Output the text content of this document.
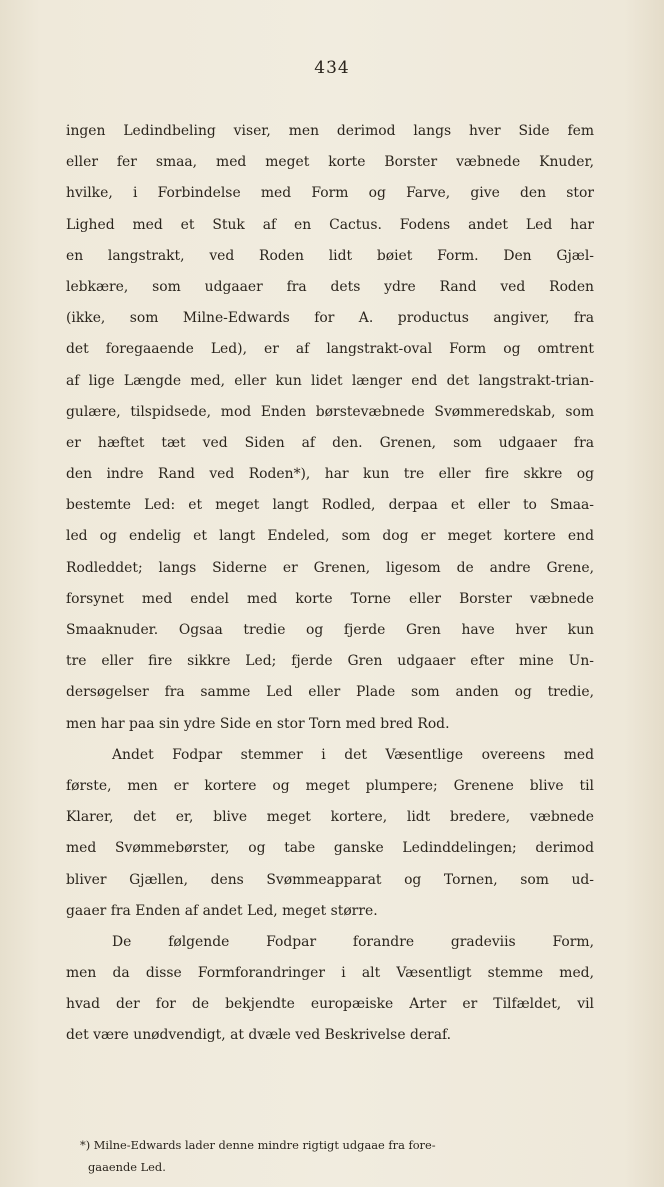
434
ingen Ledindbeling viser, men derimod langs hver Side fem
eller fer smaa, med meget korte Borster væbnede Knuder,
hvilke, i Forbindelse med Form og Farve, give den stor
Lighed med et Stuk af en Cactus. Fodens andet Led har
en langstrakt, ved Roden lidt bøiet Form. Den Gjæl-
lebkære, som udgaaer fra dets ydre Rand ved Roden
(ikke, som Milne-Edwards for A. productus angiver, fra
det foregaaende Led), er af langstrakt-oval Form og omtrent
af lige Længde med, eller kun lidet længer end det langstrakt-trian-
gulære, tilspidsede, mod Enden børstevæbnede Svømmeredskab, som
er hæftet tæt ved Siden af den. Grenen, som udgaaer fra
den indre Rand ved Roden*), har kun tre eller fire skkre og
bestemte Led: et meget langt Rodled, derpaa et eller to Smaa-
led og endelig et langt Endeled, som dog er meget kortere end
Rodleddet; langs Siderne er Grenen, ligesom de andre Grene,
forsynet med endel med korte Torne eller Borster væbnede
Smaaknuder. Ogsaa tredie og fjerde Gren have hver kun
tre eller fire sikkre Led; fjerde Gren udgaaer efter mine Un-
dersøgelser fra samme Led eller Plade som anden og tredie,
men har paa sin ydre Side en stor Torn med bred Rod.
Andet Fodpar stemmer i det Væsentlige overeens med
første, men er kortere og meget plumpere; Grenene blive til
Klarer, det er, blive meget kortere, lidt bredere, væbnede
med Svømmebørster, og tabe ganske Ledinddelingen; derimod
bliver Gjællen, dens Svømmeapparat og Tornen, som ud-
gaaer fra Enden af andet Led, meget større.
De følgende Fodpar forandre gradeviis Form,
men da disse Formforandringer i alt Væsentligt stemme med,
hvad der for de bekjendte europæiske Arter er Tilfældet, vil
det være unødvendigt, at dvæle ved Beskrivelse deraf.
*) Milne-Edwards lader denne mindre rigtigt udgaae fra fore-
gaaende Led.
